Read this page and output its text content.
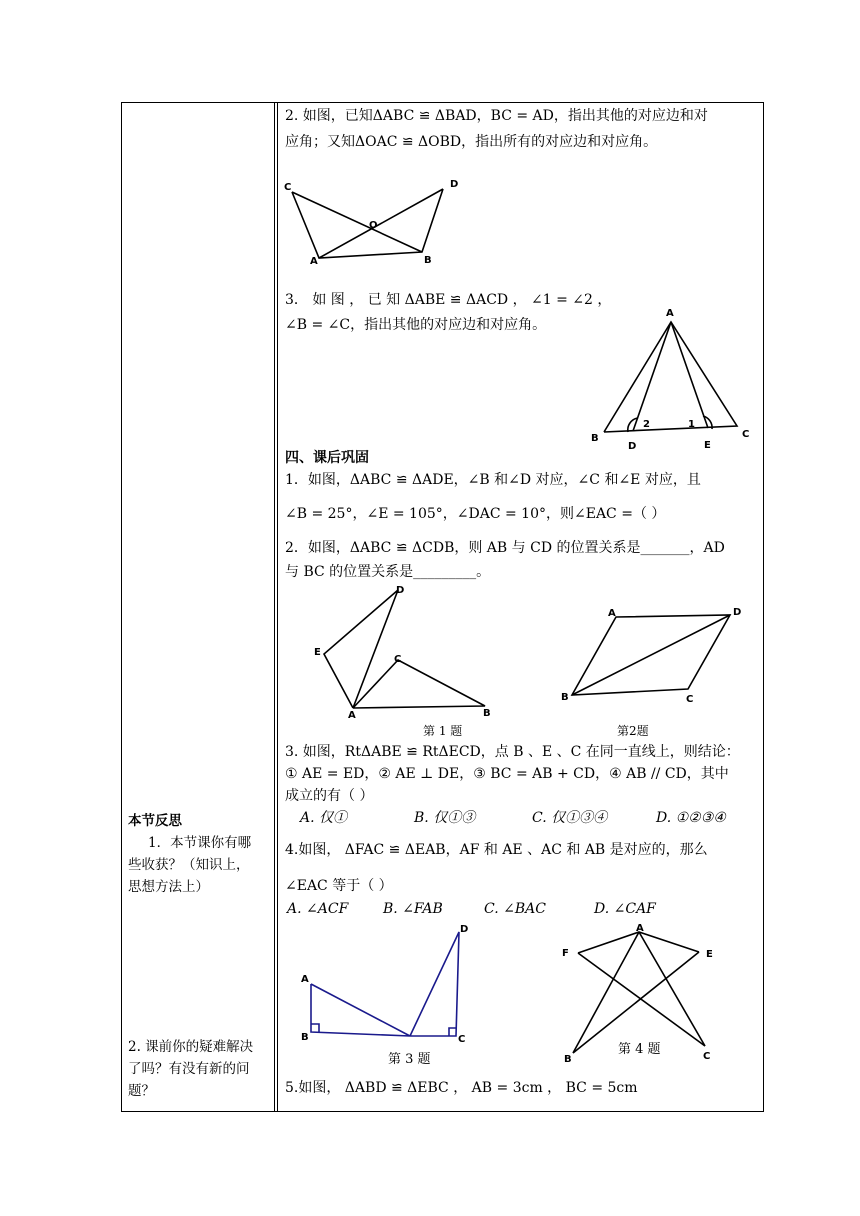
本节反思
1．本节课你有哪
些收获？（知识上，
思想方法上）
2. 课前你的疑难解决
了吗？有没有新的问
题？
2. 如图，已知ΔABC ≌ ΔBAD，BC = AD，指出其他的对应边和对
应角；又知ΔOAC ≌ ΔOBD，指出所有的对应边和对应角。
C	D
O
A	B
3． 如 图 ， 已 知 ΔABE ≌ ΔACD ， ∠1 = ∠2 ，
∠B = ∠C，指出其他的对应边和对应角。
A
2	1
B
D	E
C
四、课后巩固
1．如图，ΔABC ≌ ΔADE，∠B 和∠D 对应，∠C 和∠E 对应，且
∠B = 25°，∠E = 105°，∠DAC = 10°，则∠EAC =（ ）
2．如图，ΔABC ≌ ΔCDB，则 AB 与 CD 的位置关系是_______，AD
与 BC 的位置关系是_________。
D
E
C
A	B
第 1 题
A	D
B	C
第2题
3. 如图，RtΔABE ≌ RtΔECD，点 B 、E 、C 在同一直线上，则结论：
① AE = ED，② AE ⊥ DE，③ BC = AB + CD，④ AB // CD，其中
成立的有（ ）
A. 仅①	B. 仅①③	C. 仅①③④	D. ①②③④
4.如图， ΔFAC ≌ ΔEAB，AF 和 AE 、AC 和 AB 是对应的，那么
∠EAC 等于（ ）
A. ∠ACF B. ∠FAB	C. ∠BAC	D. ∠CAF
D
A
B	C
第 3 题
A
F	E
B	C
第 4 题
5.如图， ΔABD ≌ ΔEBC ， AB = 3cm ， BC = 5cm
